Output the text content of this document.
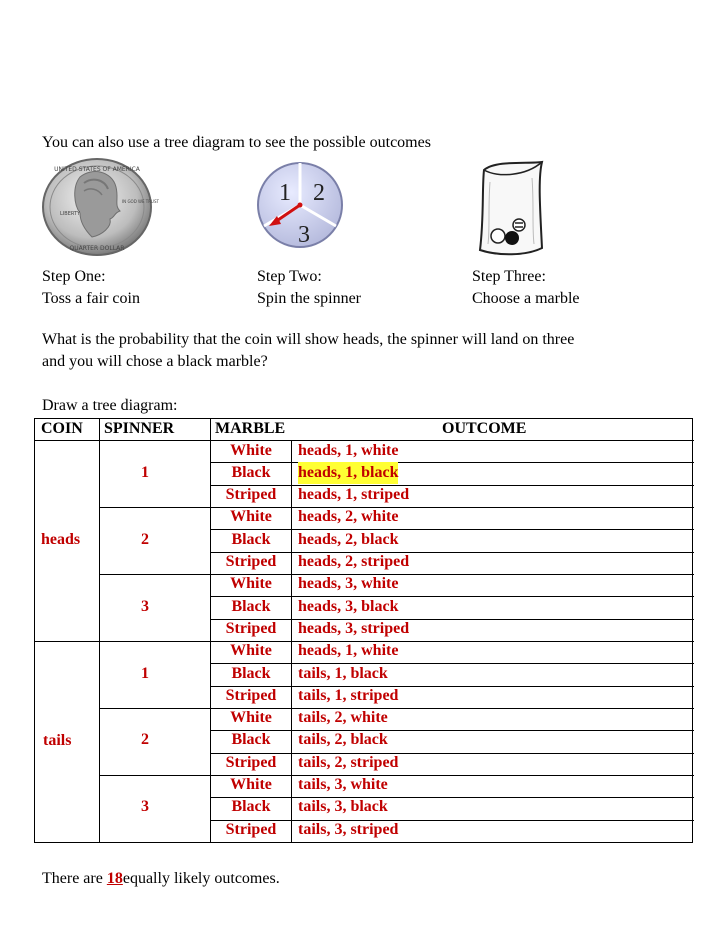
You can also use a tree diagram to see the possible outcomes
UNITED STATES OF AMERICA
LIBERTY
IN GOD WE TRUST
QUARTER DOLLAR
1 2
3
Step One:
Toss a fair coin
Step Two:
Spin the spinner
Step Three:
Choose a marble
What is the probability that the coin will show heads, the spinner will land on three
and you will chose a black marble?
Draw a tree diagram:
COIN SPINNER	MARBLE	OUTCOME
heads
tails
1
2
3
1
2
3
White
Black
Striped
White
Black
Striped
White
Black
Striped
White
Black
Striped
White
Black
Striped
White
Black
Striped
heads, 1, white
heads, 1, black
heads, 1, striped
heads, 2, white
heads, 2, black
heads, 2, striped
heads, 3, white
heads, 3, black
heads, 3, striped
heads, 1, white
tails, 1, black
tails, 1, striped
tails, 2, white
tails, 2, black
tails, 2, striped
tails, 3, white
tails, 3, black
tails, 3, striped
There are 18equally likely outcomes.
